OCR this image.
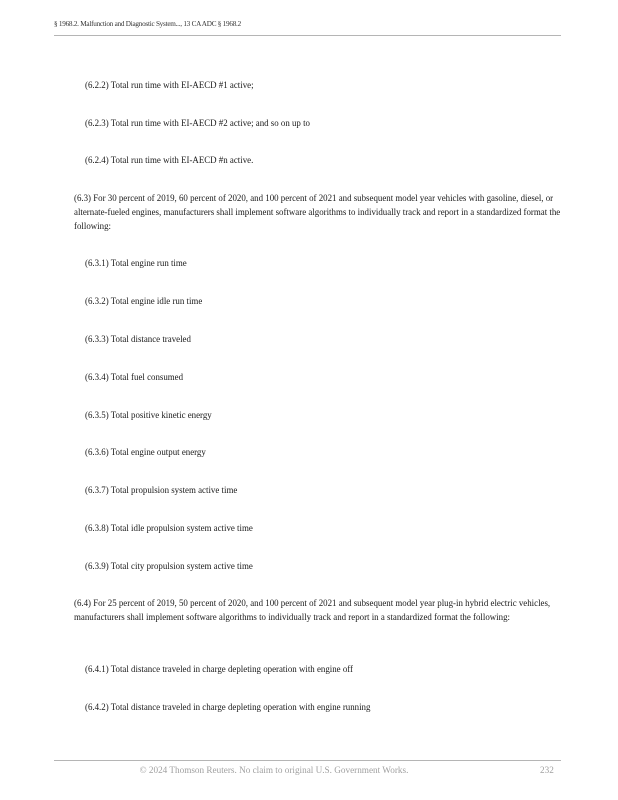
§ 1968.2. Malfunction and Diagnostic System..., 13 CA ADC § 1968.2
(6.2.2) Total run time with EI-AECD #1 active;
(6.2.3) Total run time with EI-AECD #2 active; and so on up to
(6.2.4) Total run time with EI-AECD #n active.
(6.3) For 30 percent of 2019, 60 percent of 2020, and 100 percent of 2021 and subsequent model year vehicles with gasoline, diesel, or alternate-fueled engines, manufacturers shall implement software algorithms to individually track and report in a standardized format the following:
(6.3.1) Total engine run time
(6.3.2) Total engine idle run time
(6.3.3) Total distance traveled
(6.3.4) Total fuel consumed
(6.3.5) Total positive kinetic energy
(6.3.6) Total engine output energy
(6.3.7) Total propulsion system active time
(6.3.8) Total idle propulsion system active time
(6.3.9) Total city propulsion system active time
(6.4) For 25 percent of 2019, 50 percent of 2020, and 100 percent of 2021 and subsequent model year plug-in hybrid electric vehicles, manufacturers shall implement software algorithms to individually track and report in a standardized format the following:
(6.4.1) Total distance traveled in charge depleting operation with engine off
(6.4.2) Total distance traveled in charge depleting operation with engine running
© 2024 Thomson Reuters. No claim to original U.S. Government Works.	232
